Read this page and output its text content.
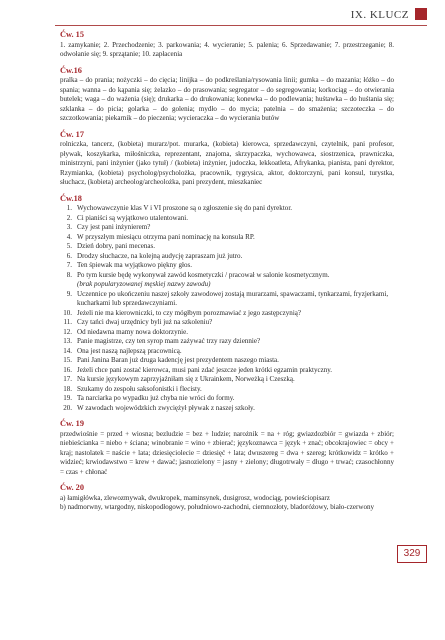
IX. KLUCZ
Ćw. 15

1. zamykanie; 2. Przechodzenie; 3. parkowania; 4. wycieranie; 5. palenia; 6. Sprzedawanie; 7. przestrzeganie; 8. odwołanie się; 9. sprzątanie; 10. zapłacenia

Ćw.16

pralka – do prania; nożyczki – do cięcia; linijka – do podkreślania/rysowania linii; gumka – do mazania; łóżko – do spania; wanna – do kąpania się; żelazko – do prasowania; segregator – do segregowania; korkociąg – do otwierania butelek; waga – do ważenia (się); drukarka – do drukowania; konewka – do podlewania; huśtawka – do huśtania się; szklanka – do picia; golarka – do golenia; mydło – do mycia; patelnia – do smażenia; szczoteczka – do szczotkowania; piekarnik – do pieczenia; wycieraczka – do wycierania butów

Ćw. 17

rolniczka, tancerz, (kobieta) murarz/pot. murarka, (kobieta) kierowca, sprzedawczyni, czytelnik, pani profesor, pływak, koszykarka, miłośniczka, reprezentant, znajoma, skrzypaczka, wychowawca, siostrzenica, prawniczka, ministrzyni, pani inżynier (jako tytuł) / (kobieta) inżynier, judoczka, lekkoatleta, Afrykanka, pianista, pani dyrektor, Rzymianka, (kobieta) psycholog/psycholożka, pracownik, tygrysica, aktor, doktorczyni, pani konsul, turystka, słuchacz, (kobieta) archeolog/archeolożka, pani prezydent, mieszkaniec

Ćw.18
1. Wychowawczynie klas V i VI proszone są o zgłoszenie się do pani dyrektor.
2. Ci pianiści są wyjątkowo utalentowani.
3. Czy jest pani inżynierem?
4. W przyszłym miesiącu otrzyma pani nominację na konsula RP.
5. Dzień dobry, pani mecenas.
6. Drodzy słuchacze, na kolejną audycję zapraszam już jutro.
7. Ten śpiewak ma wyjątkowo piękny głos.
8. Po tym kursie będę wykonywał zawód kosmetyczki / pracował w salonie kosmetycznym.
(brak popularyzowanej męskiej nazwy zawodu)
9. Uczennice po ukończeniu naszej szkoły zawodowej zostają murarzami, spawaczami, tynkarzami, fryzjerkami, kucharkami lub sprzedawczyniami.
10. Jeżeli nie ma kierowniczki, to czy mógłbym porozmawiać z jego zastępczynią?
11. Czy tańci dwaj urzędnicy byli już na szkoleniu?
12. Od niedawna mamy nowa doktorzynie.
13. Panie magistrze, czy ten syrop mam zażywać trzy razy dziennie?
14. Ona jest naszą najlepszą pracownicą.
15. Pani Janina Baran już druga kadencję jest prezydentem naszego miasta.
16. Jeżeli chce pani zostać kierowca, musi pani zdać jeszcze jeden krótki egzamin praktyczny.
17. Na kursie językowym zaprzyjaźniłam się z Ukrainkem, Norweżką i Czeszką.
18. Szukamy do zespołu saksofonistki i flecisty.
19. Ta narciarka po wypadku już chyba nie wróci do formy.
20. W zawodach wojewódzkich zwyciężył pływak z naszej szkoły.
Ćw. 19

przedwiośnie = przed + wiosna; bezludzie = bez + ludzie; narożnik = na + róg; gwiazdozbiór = gwiazda + zbiór; niebieścianka = niebo + ściana; winobranie = wino + zbierać; językoznawca = język + znać; obcokrajowiec = obcy + kraj; nastolatek = naście + lata; dziesięciolecie = dziesięć + lata; dwuszereg = dwa + szereg; krótkowidz = krótko + widzieć; krwiodawstwo = krew + dawać; jasnozielony = jasny + zielony; długotrwały = długo + trwać; czasochłonny = czas + chłonać

Ćw. 20

a) łamigłówka, zlewozmywak, dwukropek, maminsynek, dusigrosz, wodociąg, powieściopisarz

b) nadmorwny, wtargodny, niskopodłogowy, południowo-zachodni, ciemnozłoty, bladoróżowy, biało-czerwony

329
